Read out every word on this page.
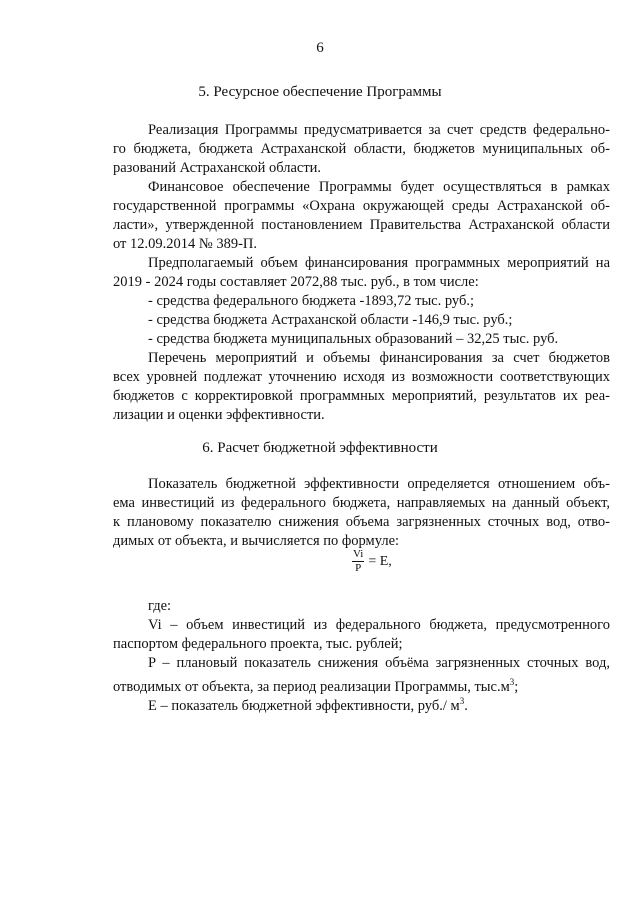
6
5. Ресурсное обеспечение Программы
Реализация Программы предусматривается за счет средств федерально-
го бюджета, бюджета Астраханской области, бюджетов муниципальных об-
разований Астраханской области.
Финансовое обеспечение Программы будет осуществляться в рамках
государственной программы «Охрана окружающей среды Астраханской об-
ласти», утвержденной постановлением Правительства Астраханской области
от 12.09.2014 № 389-П.
Предполагаемый объем финансирования программных мероприятий на
2019 - 2024 годы составляет 2072,88 тыс. руб., в том числе:
- средства федерального бюджета -1893,72 тыс. руб.;
- средства бюджета Астраханской области -146,9 тыс. руб.;
- средства бюджета муниципальных образований – 32,25 тыс. руб.
Перечень мероприятий и объемы финансирования за счет бюджетов
всех уровней подлежат уточнению исходя из возможности соответствующих
бюджетов с корректировкой программных мероприятий, результатов их реа-
лизации и оценки эффективности.
6. Расчет бюджетной эффективности
Показатель бюджетной эффективности определяется отношением объ-
ема инвестиций из федерального бюджета, направляемых на данный объект,
к плановому показателю снижения объема загрязненных сточных вод, отво-
димых от объекта, и вычисляется по формуле:
$\frac{Vi}{P} = E$,
где:
Vi – объем инвестиций из федерального бюджета, предусмотренного
паспортом федерального проекта, тыс. рублей;
P – плановый показатель снижения объёма загрязненных сточных вод,
отводимых от объекта, за период реализации Программы, $тыс.м^3$;
E – показатель бюджетной эффективности, руб./ $м^3$.
